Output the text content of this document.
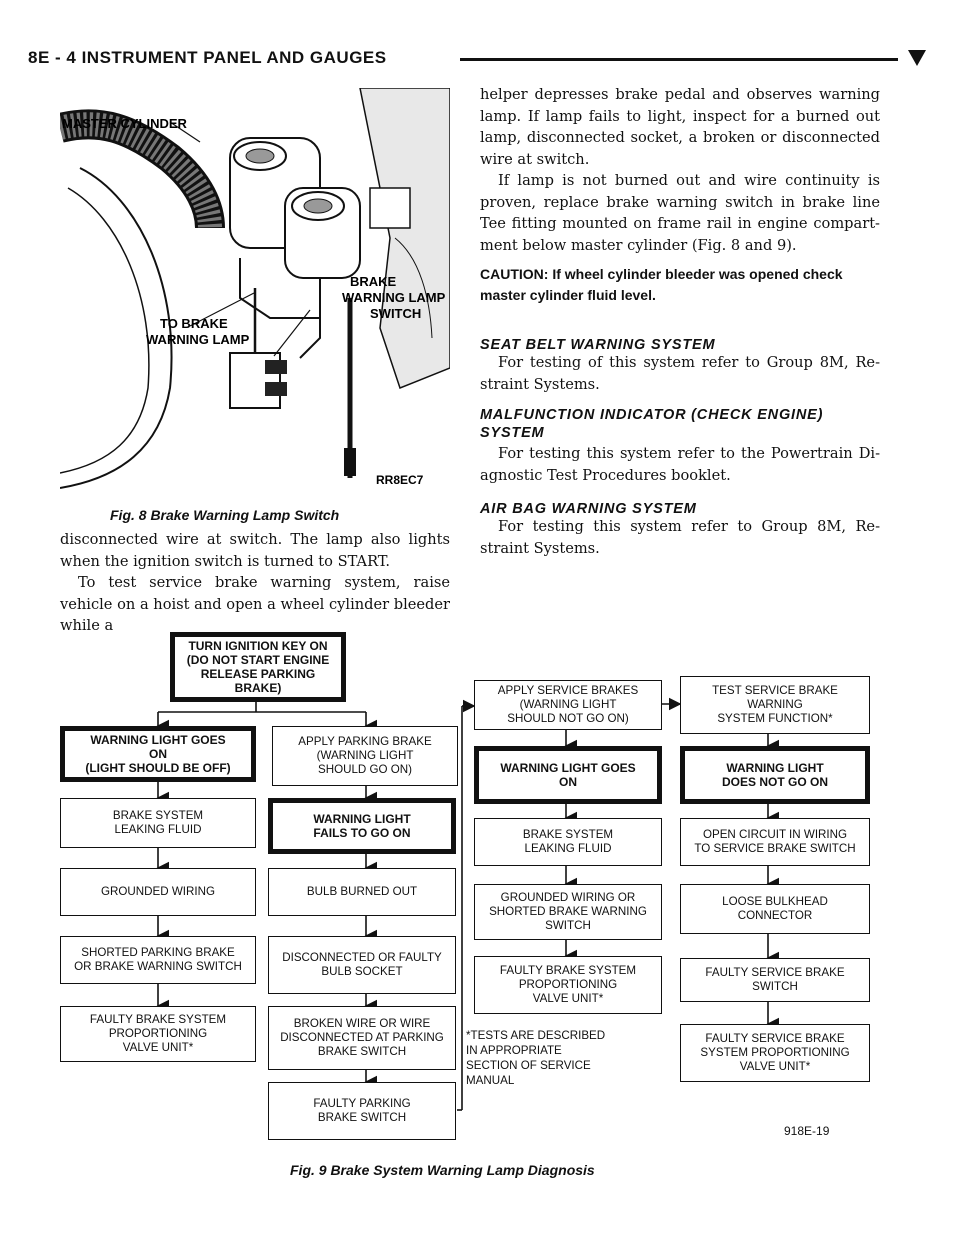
8E - 4 INSTRUMENT PANEL AND GAUGES
MASTER CYLINDER
BRAKE
WARNING LAMP
SWITCH
TO BRAKE
WARNING LAMP
RR8EC7
Fig. 8 Brake Warning Lamp Switch
disconnected wire at switch. The lamp also lights when the ignition switch is turned to START.
To test service brake warning system, raise vehicle on a hoist and open a wheel cylinder bleeder while a
helper depresses brake pedal and observes warning lamp. If lamp fails to light, inspect for a burned out lamp, disconnected socket, a broken or disconnected wire at switch.
If lamp is not burned out and wire continuity is proven, replace brake warning switch in brake line Tee fitting mounted on frame rail in engine compart-ment below master cylinder (Fig. 8 and 9).
CAUTION: If wheel cylinder bleeder was opened check master cylinder fluid level.
SEAT BELT WARNING SYSTEM
For testing of this system refer to Group 8M, Re-straint Systems.
MALFUNCTION INDICATOR (CHECK ENGINE) SYSTEM
For testing this system refer to the Powertrain Di-agnostic Test Procedures booklet.
AIR BAG WARNING SYSTEM
For testing this system refer to Group 8M, Re-straint Systems.
TURN IGNITION KEY ON
(DO NOT START ENGINE
RELEASE PARKING BRAKE)
WARNING LIGHT GOES
ON
(LIGHT SHOULD BE OFF)
BRAKE SYSTEM
LEAKING FLUID
GROUNDED WIRING
SHORTED PARKING BRAKE
OR BRAKE WARNING SWITCH
FAULTY BRAKE SYSTEM
PROPORTIONING
VALVE UNIT*
APPLY PARKING BRAKE
(WARNING LIGHT
SHOULD GO ON)
WARNING LIGHT
FAILS TO GO ON
BULB BURNED OUT
DISCONNECTED OR FAULTY
BULB SOCKET
BROKEN WIRE OR WIRE
DISCONNECTED AT PARKING
BRAKE SWITCH
FAULTY PARKING
BRAKE SWITCH
APPLY SERVICE BRAKES
(WARNING LIGHT
SHOULD NOT GO ON)
WARNING LIGHT GOES
ON
BRAKE SYSTEM
LEAKING FLUID
GROUNDED WIRING OR
SHORTED BRAKE WARNING
SWITCH
FAULTY BRAKE SYSTEM
PROPORTIONING
VALVE UNIT*
TEST SERVICE BRAKE
WARNING
SYSTEM FUNCTION*
WARNING LIGHT
DOES NOT GO ON
OPEN CIRCUIT IN WIRING
TO SERVICE BRAKE SWITCH
LOOSE BULKHEAD
CONNECTOR
FAULTY SERVICE BRAKE
SWITCH
FAULTY SERVICE BRAKE
SYSTEM PROPORTIONING
VALVE UNIT*
*TESTS ARE DESCRIBED
IN APPROPRIATE
SECTION OF SERVICE
MANUAL
918E-19
Fig. 9 Brake System Warning Lamp Diagnosis
